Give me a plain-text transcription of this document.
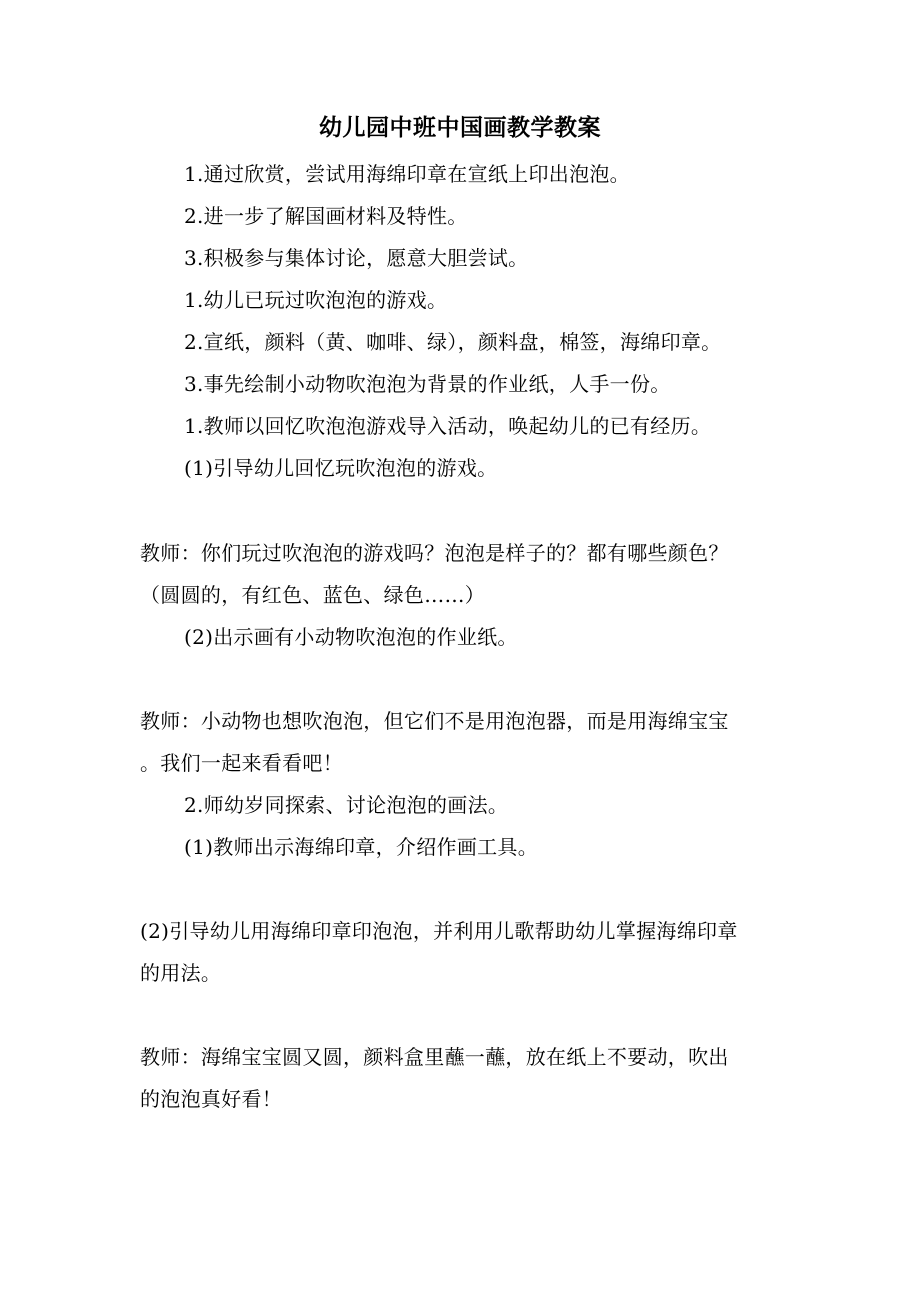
幼儿园中班中国画教学教案
1.通过欣赏，尝试用海绵印章在宣纸上印出泡泡。
2.进一步了解国画材料及特性。
3.积极参与集体讨论，愿意大胆尝试。
1.幼儿已玩过吹泡泡的游戏。
2.宣纸，颜料（黄、咖啡、绿），颜料盘，棉签，海绵印章。
3.事先绘制小动物吹泡泡为背景的作业纸，人手一份。
1.教师以回忆吹泡泡游戏导入活动，唤起幼儿的已有经历。
(1)引导幼儿回忆玩吹泡泡的游戏。
教师：你们玩过吹泡泡的游戏吗？泡泡是样子的？都有哪些颜色？
（圆圆的，有红色、蓝色、绿色……）
(2)出示画有小动物吹泡泡的作业纸。
教师：小动物也想吹泡泡，但它们不是用泡泡器，而是用海绵宝宝
。我们一起来看看吧！
2.师幼岁同探索、讨论泡泡的画法。
(1)教师出示海绵印章，介绍作画工具。
(2)引导幼儿用海绵印章印泡泡，并利用儿歌帮助幼儿掌握海绵印章
的用法。
教师：海绵宝宝圆又圆，颜料盒里蘸一蘸，放在纸上不要动，吹出
的泡泡真好看！
